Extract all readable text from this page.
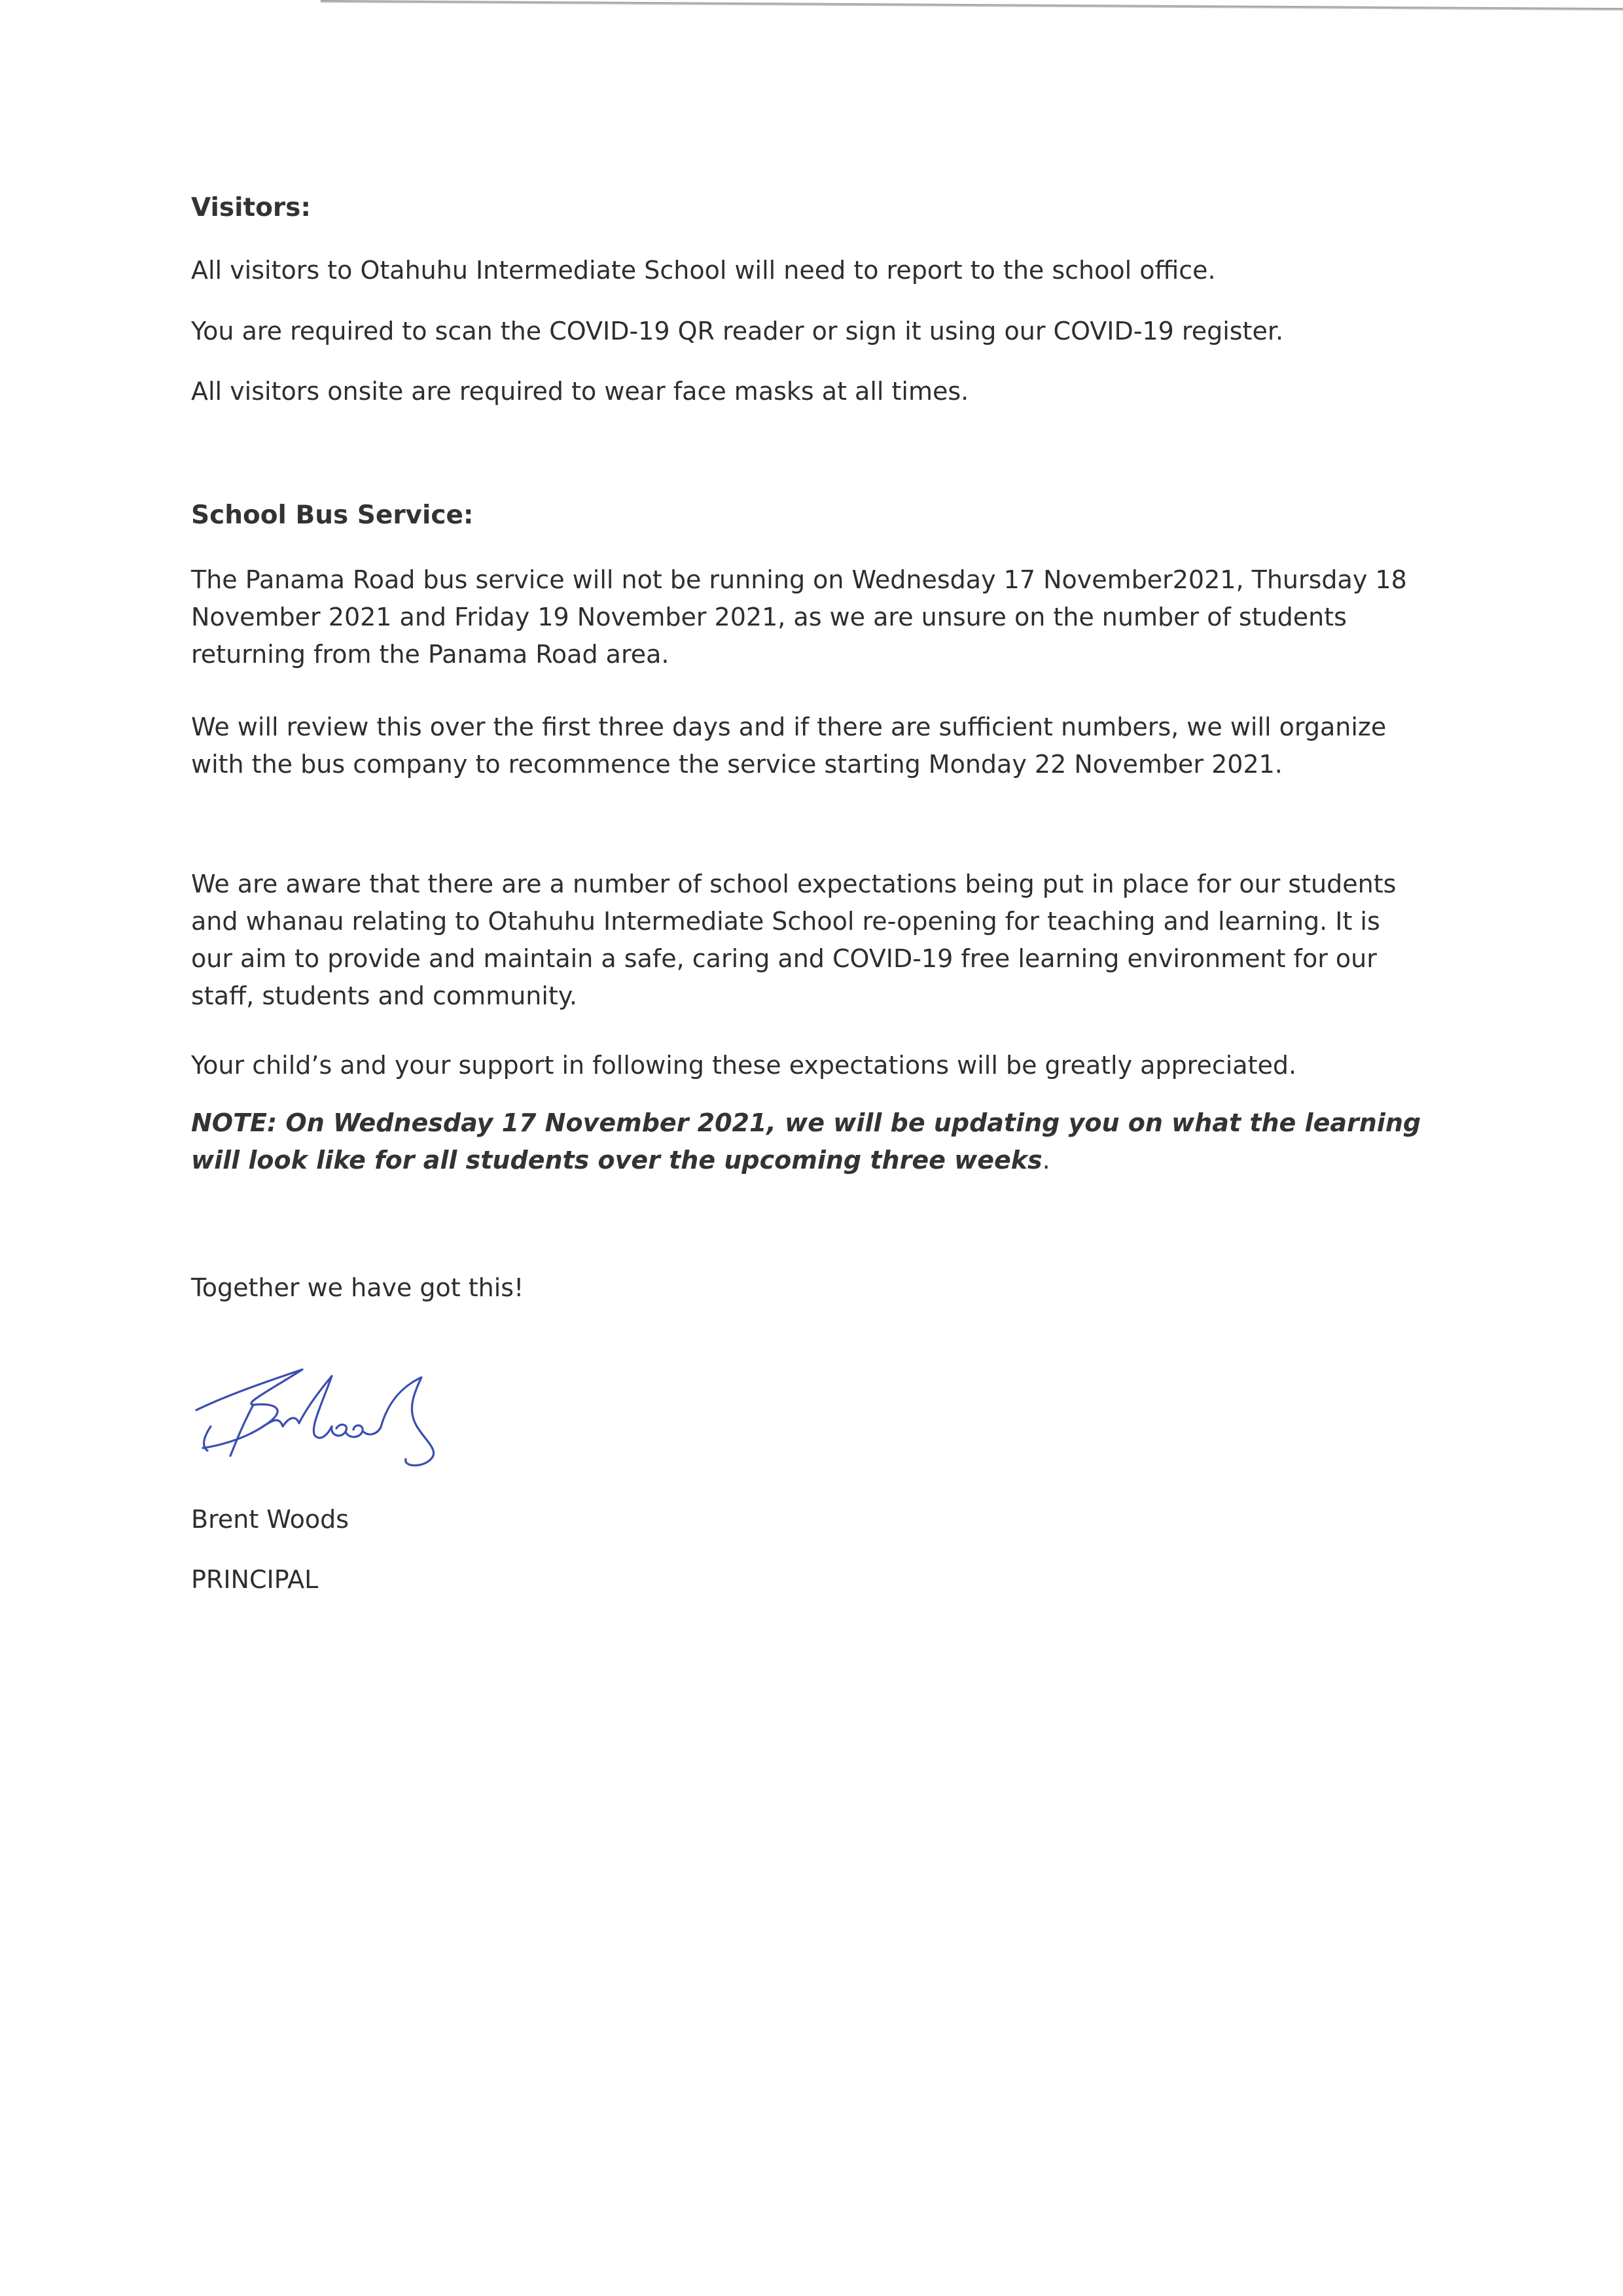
Visitors:
All visitors to Otahuhu Intermediate School will need to report to the school office.
You are required to scan the COVID-19 QR reader or sign it using our COVID-19 register.
All visitors onsite are required to wear face masks at all times.
School Bus Service:
The Panama Road bus service will not be running on Wednesday 17 November2021, Thursday 18 November 2021 and Friday 19 November 2021, as we are unsure on the number of students returning from the Panama Road area.
We will review this over the first three days and if there are sufficient numbers, we will organize with the bus company to recommence the service starting Monday 22 November 2021.
We are aware that there are a number of school expectations being put in place for our students and whanau relating to Otahuhu Intermediate School re-opening for teaching and learning. It is our aim to provide and maintain a safe, caring and COVID-19 free learning environment for our staff, students and community.
Your child’s and your support in following these expectations will be greatly appreciated.
NOTE: On Wednesday 17 November 2021, we will be updating you on what the learning will look like for all students over the upcoming three weeks.
Together we have got this!
Brent Woods
PRINCIPAL
